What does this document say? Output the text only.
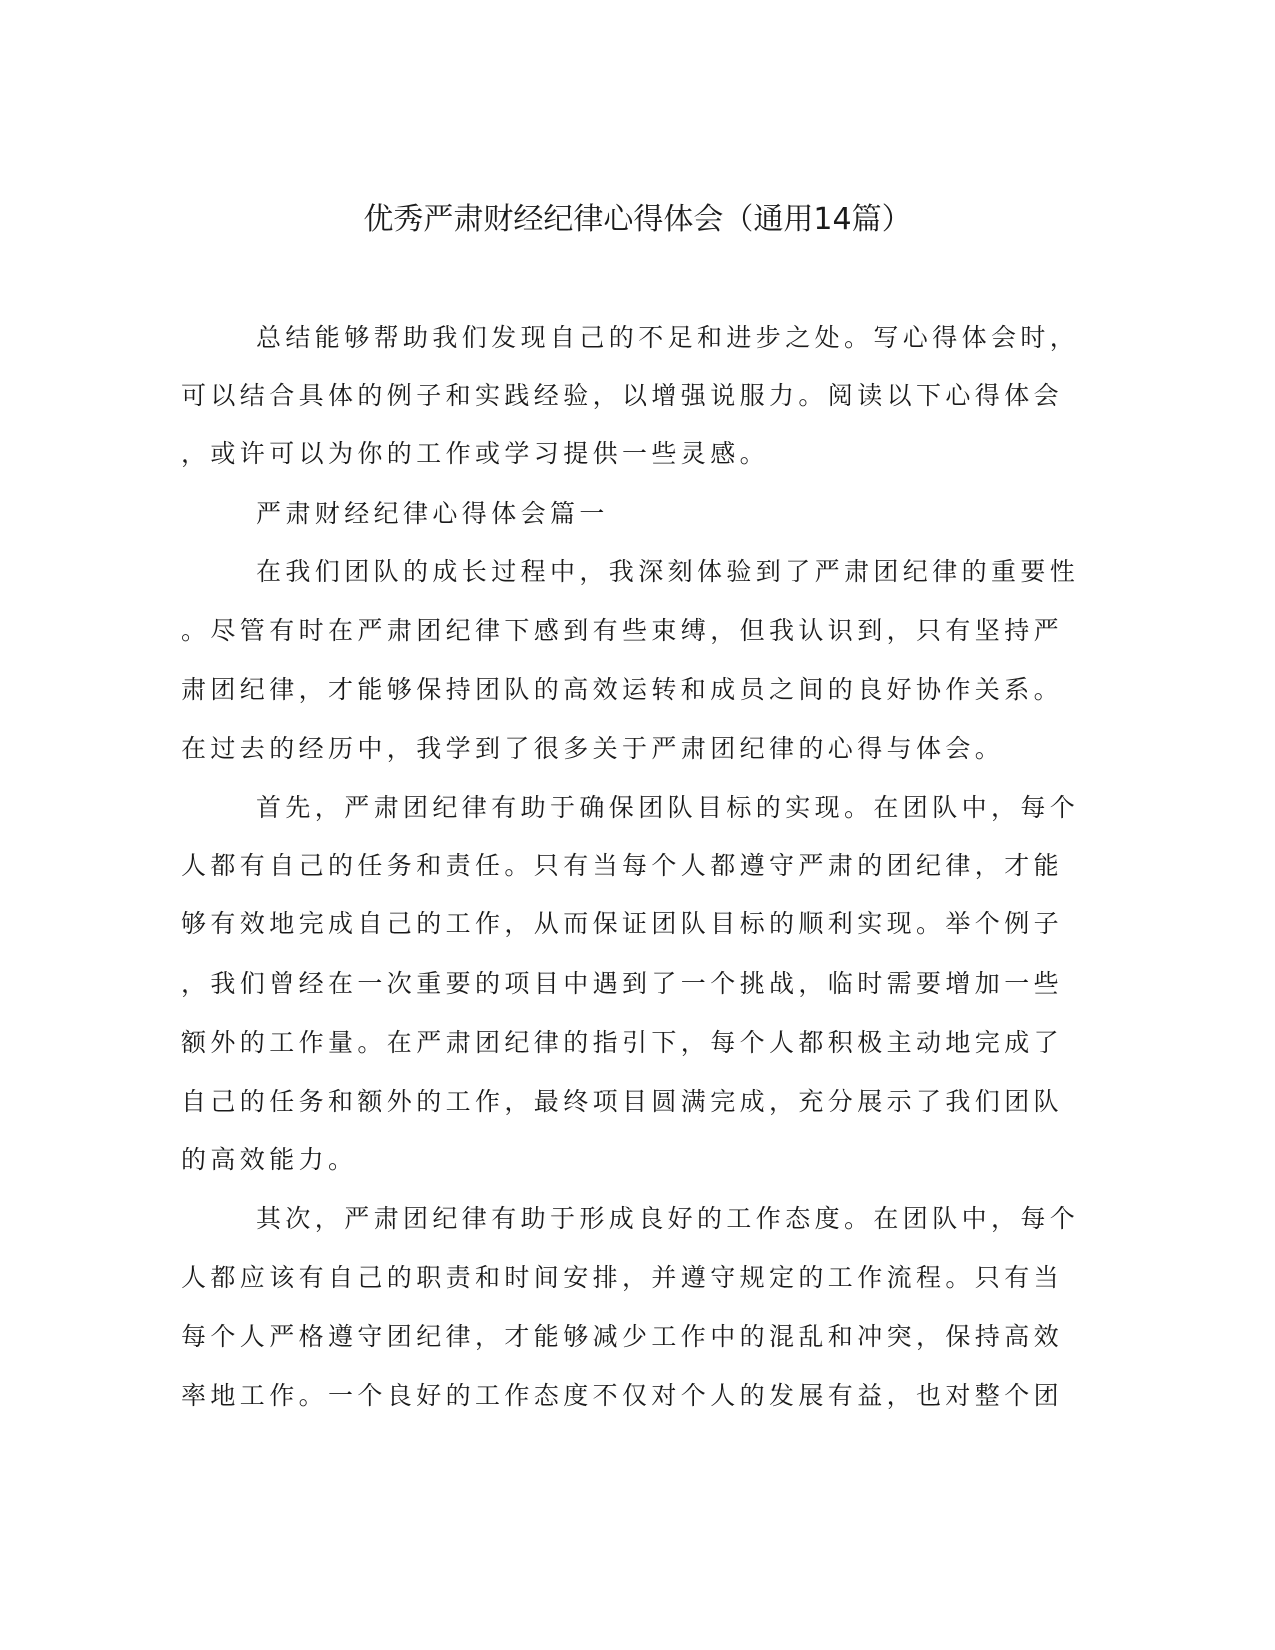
优秀严肃财经纪律心得体会（通用14篇）
总结能够帮助我们发现自己的不足和进步之处。写心得体会时，
可以结合具体的例子和实践经验，以增强说服力。阅读以下心得体会
，或许可以为你的工作或学习提供一些灵感。
严肃财经纪律心得体会篇一
在我们团队的成长过程中，我深刻体验到了严肃团纪律的重要性
。尽管有时在严肃团纪律下感到有些束缚，但我认识到，只有坚持严
肃团纪律，才能够保持团队的高效运转和成员之间的良好协作关系。
在过去的经历中，我学到了很多关于严肃团纪律的心得与体会。
首先，严肃团纪律有助于确保团队目标的实现。在团队中，每个
人都有自己的任务和责任。只有当每个人都遵守严肃的团纪律，才能
够有效地完成自己的工作，从而保证团队目标的顺利实现。举个例子
，我们曾经在一次重要的项目中遇到了一个挑战，临时需要增加一些
额外的工作量。在严肃团纪律的指引下，每个人都积极主动地完成了
自己的任务和额外的工作，最终项目圆满完成，充分展示了我们团队
的高效能力。
其次，严肃团纪律有助于形成良好的工作态度。在团队中，每个
人都应该有自己的职责和时间安排，并遵守规定的工作流程。只有当
每个人严格遵守团纪律，才能够减少工作中的混乱和冲突，保持高效
率地工作。一个良好的工作态度不仅对个人的发展有益，也对整个团
